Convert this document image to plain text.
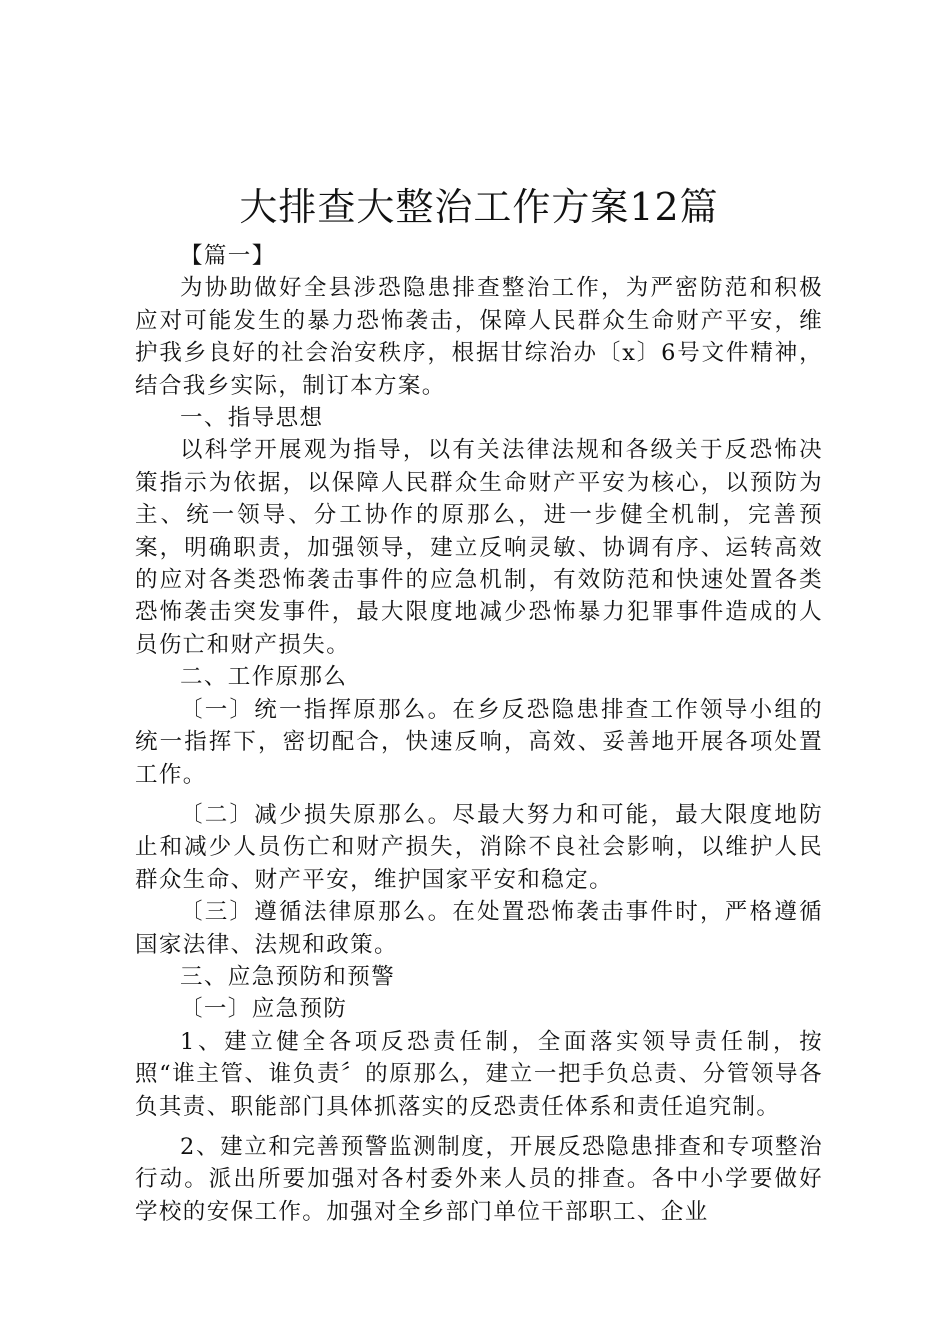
大排查大整治工作方案12篇

【篇一】

为协助做好全县涉恐隐患排查整治工作，为严密防范和积极应对可能发生的暴力恐怖袭击，保障人民群众生命财产平安，维护我乡良好的社会治安秩序，根据甘综治办〔x〕6号文件精神，结合我乡实际，制订本方案。

一、指导思想

以科学开展观为指导，以有关法律法规和各级关于反恐怖决策指示为依据，以保障人民群众生命财产平安为核心，以预防为主、统一领导、分工协作的原那么，进一步健全机制，完善预案，明确职责，加强领导，建立反响灵敏、协调有序、运转高效的应对各类恐怖袭击事件的应急机制，有效防范和快速处置各类恐怖袭击突发事件，最大限度地减少恐怖暴力犯罪事件造成的人员伤亡和财产损失。

二、工作原那么

〔一〕统一指挥原那么。在乡反恐隐患排查工作领导小组的统一指挥下，密切配合，快速反响，高效、妥善地开展各项处置工作。

〔二〕减少损失原那么。尽最大努力和可能，最大限度地防止和减少人员伤亡和财产损失，消除不良社会影响，以维护人民群众生命、财产平安，维护国家平安和稳定。

〔三〕遵循法律原那么。在处置恐怖袭击事件时，严格遵循国家法律、法规和政策。

三、应急预防和预警

〔一〕应急预防

1、建立健全各项反恐责任制，全面落实领导责任制，按照“谁主管、谁负责〞的原那么，建立一把手负总责、分管领导各负其责、职能部门具体抓落实的反恐责任体系和责任追究制。

2、建立和完善预警监测制度，开展反恐隐患排查和专项整治行动。派出所要加强对各村委外来人员的排查。各中小学要做好学校的安保工作。加强对全乡部门单位干部职工、企业
